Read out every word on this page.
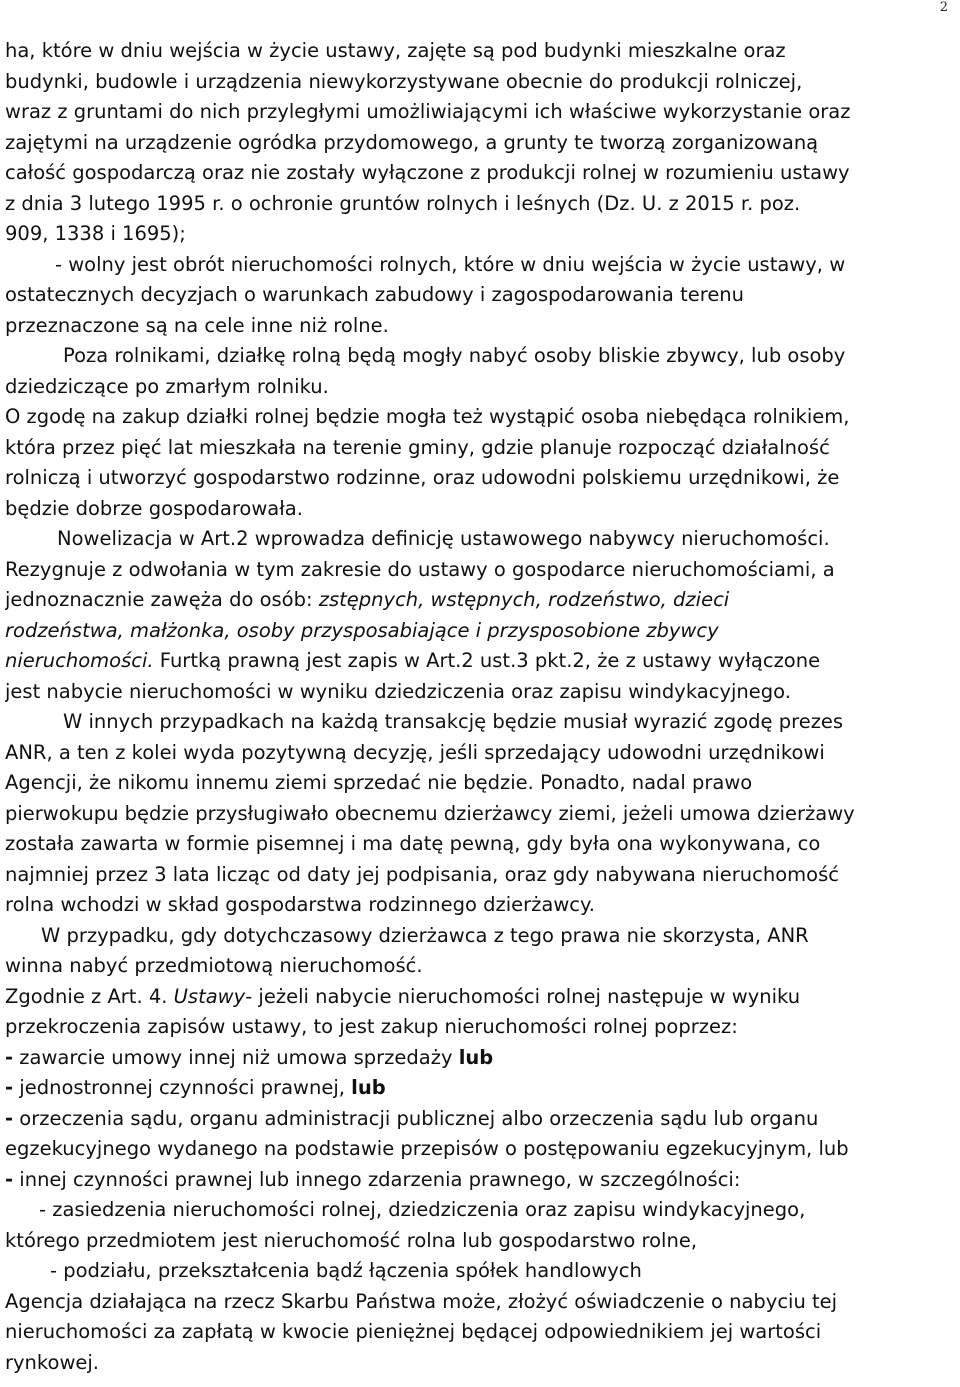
2

ha, które w dniu wejścia w życie ustawy, zajęte są pod budynki mieszkalne oraz
budynki, budowle i urządzenia niewykorzystywane obecnie do produkcji rolniczej,
wraz z gruntami do nich przyległymi umożliwiającymi ich właściwe wykorzystanie oraz
zajętymi na urządzenie ogródka przydomowego, a grunty te tworzą zorganizowaną
całość gospodarczą oraz nie zostały wyłączone z produkcji rolnej w rozumieniu ustawy
z dnia 3 lutego 1995 r. o ochronie gruntów rolnych i leśnych (Dz. U. z 2015 r. poz.
909, 1338 i 1695);

- wolny jest obrót nieruchomości rolnych, które w dniu wejścia w życie ustawy, w
ostatecznych decyzjach o warunkach zabudowy i zagospodarowania terenu
przeznaczone są na cele inne niż rolne.

Poza rolnikami, działkę rolną będą mogły nabyć osoby bliskie zbywcy, lub osoby
dziedziczące po zmarłym rolniku.

O zgodę na zakup działki rolnej będzie mogła też wystąpić osoba niebędąca rolnikiem,
która przez pięć lat mieszkała na terenie gminy, gdzie planuje rozpocząć działalność
rolniczą i utworzyć gospodarstwo rodzinne, oraz udowodni polskiemu urzędnikowi, że
będzie dobrze gospodarowała.

Nowelizacja w Art.2 wprowadza definicję ustawowego nabywcy nieruchomości.

Rezygnuje z odwołania w tym zakresie do ustawy o gospodarce nieruchomościami, a
jednoznacznie zawęża do osób: zstępnych, wstępnych, rodzeństwo, dzieci
rodzeństwa, małżonka, osoby przysposabiające i przysposobione zbywcy
nieruchomości. Furtką prawną jest zapis w Art.2 ust.3 pkt.2, że z ustawy wyłączone
jest nabycie nieruchomości w wyniku dziedziczenia oraz zapisu windykacyjnego.

W innych przypadkach na każdą transakcję będzie musiał wyrazić zgodę prezes
ANR, a ten z kolei wyda pozytywną decyzję, jeśli sprzedający udowodni urzędnikowi
Agencji, że nikomu innemu ziemi sprzedać nie będzie. Ponadto, nadal prawo
pierwokupu będzie przysługiwało obecnemu dzierżawcy ziemi, jeżeli umowa dzierżawy
została zawarta w formie pisemnej i ma datę pewną, gdy była ona wykonywana, co
najmniej przez 3 lata licząc od daty jej podpisania, oraz gdy nabywana nieruchomość
rolna wchodzi w skład gospodarstwa rodzinnego dzierżawcy.

W przypadku, gdy dotychczasowy dzierżawca z tego prawa nie skorzysta, ANR
winna nabyć przedmiotową nieruchomość.

Zgodnie z Art. 4. Ustawy- jeżeli nabycie nieruchomości rolnej następuje w wyniku
przekroczenia zapisów ustawy, to jest zakup nieruchomości rolnej poprzez:

- zawarcie umowy innej niż umowa sprzedaży lub
- jednostronnej czynności prawnej, lub
- orzeczenia sądu, organu administracji publicznej albo orzeczenia sądu lub organu
egzekucyjnego wydanego na podstawie przepisów o postępowaniu egzekucyjnym, lub
- innej czynności prawnej lub innego zdarzenia prawnego, w szczególności:
- zasiedzenia nieruchomości rolnej, dziedziczenia oraz zapisu windykacyjnego,
którego przedmiotem jest nieruchomość rolna lub gospodarstwo rolne,
- podziału, przekształcenia bądź łączenia spółek handlowych

Agencja działająca na rzecz Skarbu Państwa może, złożyć oświadczenie o nabyciu tej
nieruchomości za zapłatą w kwocie pieniężnej będącej odpowiednikiem jej wartości
rynkowej.
